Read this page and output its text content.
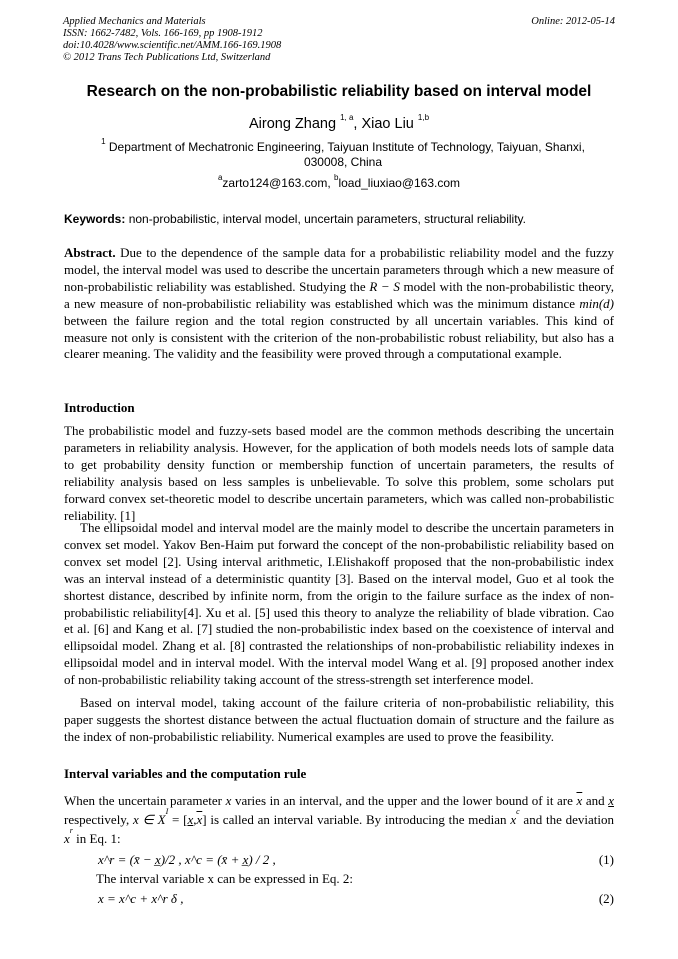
Applied Mechanics and Materials
ISSN: 1662-7482, Vols. 166-169, pp 1908-1912
doi:10.4028/www.scientific.net/AMM.166-169.1908
© 2012 Trans Tech Publications Ltd, Switzerland
Online: 2012-05-14
Research on the non-probabilistic reliability based on interval model
Airong Zhang $^{1, a}$, Xiao Liu $^{1,b}$
$^1$ Department of Mechatronic Engineering, Taiyuan Institute of Technology, Taiyuan, Shanxi,
030008, China
$^a$zarto124@163.com, $^b$load_liuxiao@163.com
Keywords: non-probabilistic, interval model, uncertain parameters, structural reliability.

Abstract. Due to the dependence of the sample data for a probabilistic reliability model and the fuzzy model, the interval model was used to describe the uncertain parameters through which a new measure of non-probabilistic reliability was established. Studying the R − S model with the non-probabilistic theory, a new measure of non-probabilistic reliability was established which was the minimum distance min(d) between the failure region and the total region constructed by all uncertain variables. This kind of measure not only is consistent with the criterion of the non-probabilistic robust reliability, but also has a clearer meaning. The validity and the feasibility were proved through a computational example.

Introduction

The probabilistic model and fuzzy-sets based model are the common methods describing the uncertain parameters in reliability analysis. However, for the application of both models needs lots of sample data to get probability density function or membership function of uncertain parameters, the results of reliability analysis based on less samples is unbelievable. To solve this problem, some scholars put forward convex set-theoretic model to describe uncertain parameters, which was called non-probabilistic reliability. [1]

The ellipsoidal model and interval model are the mainly model to describe the uncertain parameters in convex set model. Yakov Ben-Haim put forward the concept of the non-probabilistic reliability based on convex set model [2]. Using interval arithmetic, I.Elishakoff proposed that the non-probabilistic index was an interval instead of a deterministic quantity [3]. Based on the interval model, Guo et al took the shortest distance, described by infinite norm, from the origin to the failure surface as the index of non-probabilistic reliability[4]. Xu et al. [5] used this theory to analyze the reliability of blade vibration. Cao et al. [6] and Kang et al. [7] studied the non-probabilistic index based on the coexistence of interval and ellipsoidal model. Zhang et al. [8] contrasted the relationships of non-probabilistic reliability indexes in ellipsoidal model and in interval model. With the interval model Wang et al. [9] proposed another index of non-probabilistic reliability taking account of the stress-strength set interference model.

Based on interval model, taking account of the failure criteria of non-probabilistic reliability, this paper suggests the shortest distance between the actual fluctuation domain of structure and the failure as the index of non-probabilistic reliability. Numerical examples are used to prove the feasibility.

Interval variables and the computation rule

When the uncertain parameter x varies in an interval, and the upper and the lower bound of it are $\overline{x}$ and x respectively, x ∈ $X^I = [x,\overline{x}]$ is called an interval variable. By introducing the median $x^c$ and the deviation $x^r$ in Eq. 1:

x^r = (x̄ − x̲)/2 , x^c = (x̄ + x̲) / 2 ,	(1)
The interval variable x can be expressed in Eq. 2:
x = x^c + x^r δ ,	(2)
